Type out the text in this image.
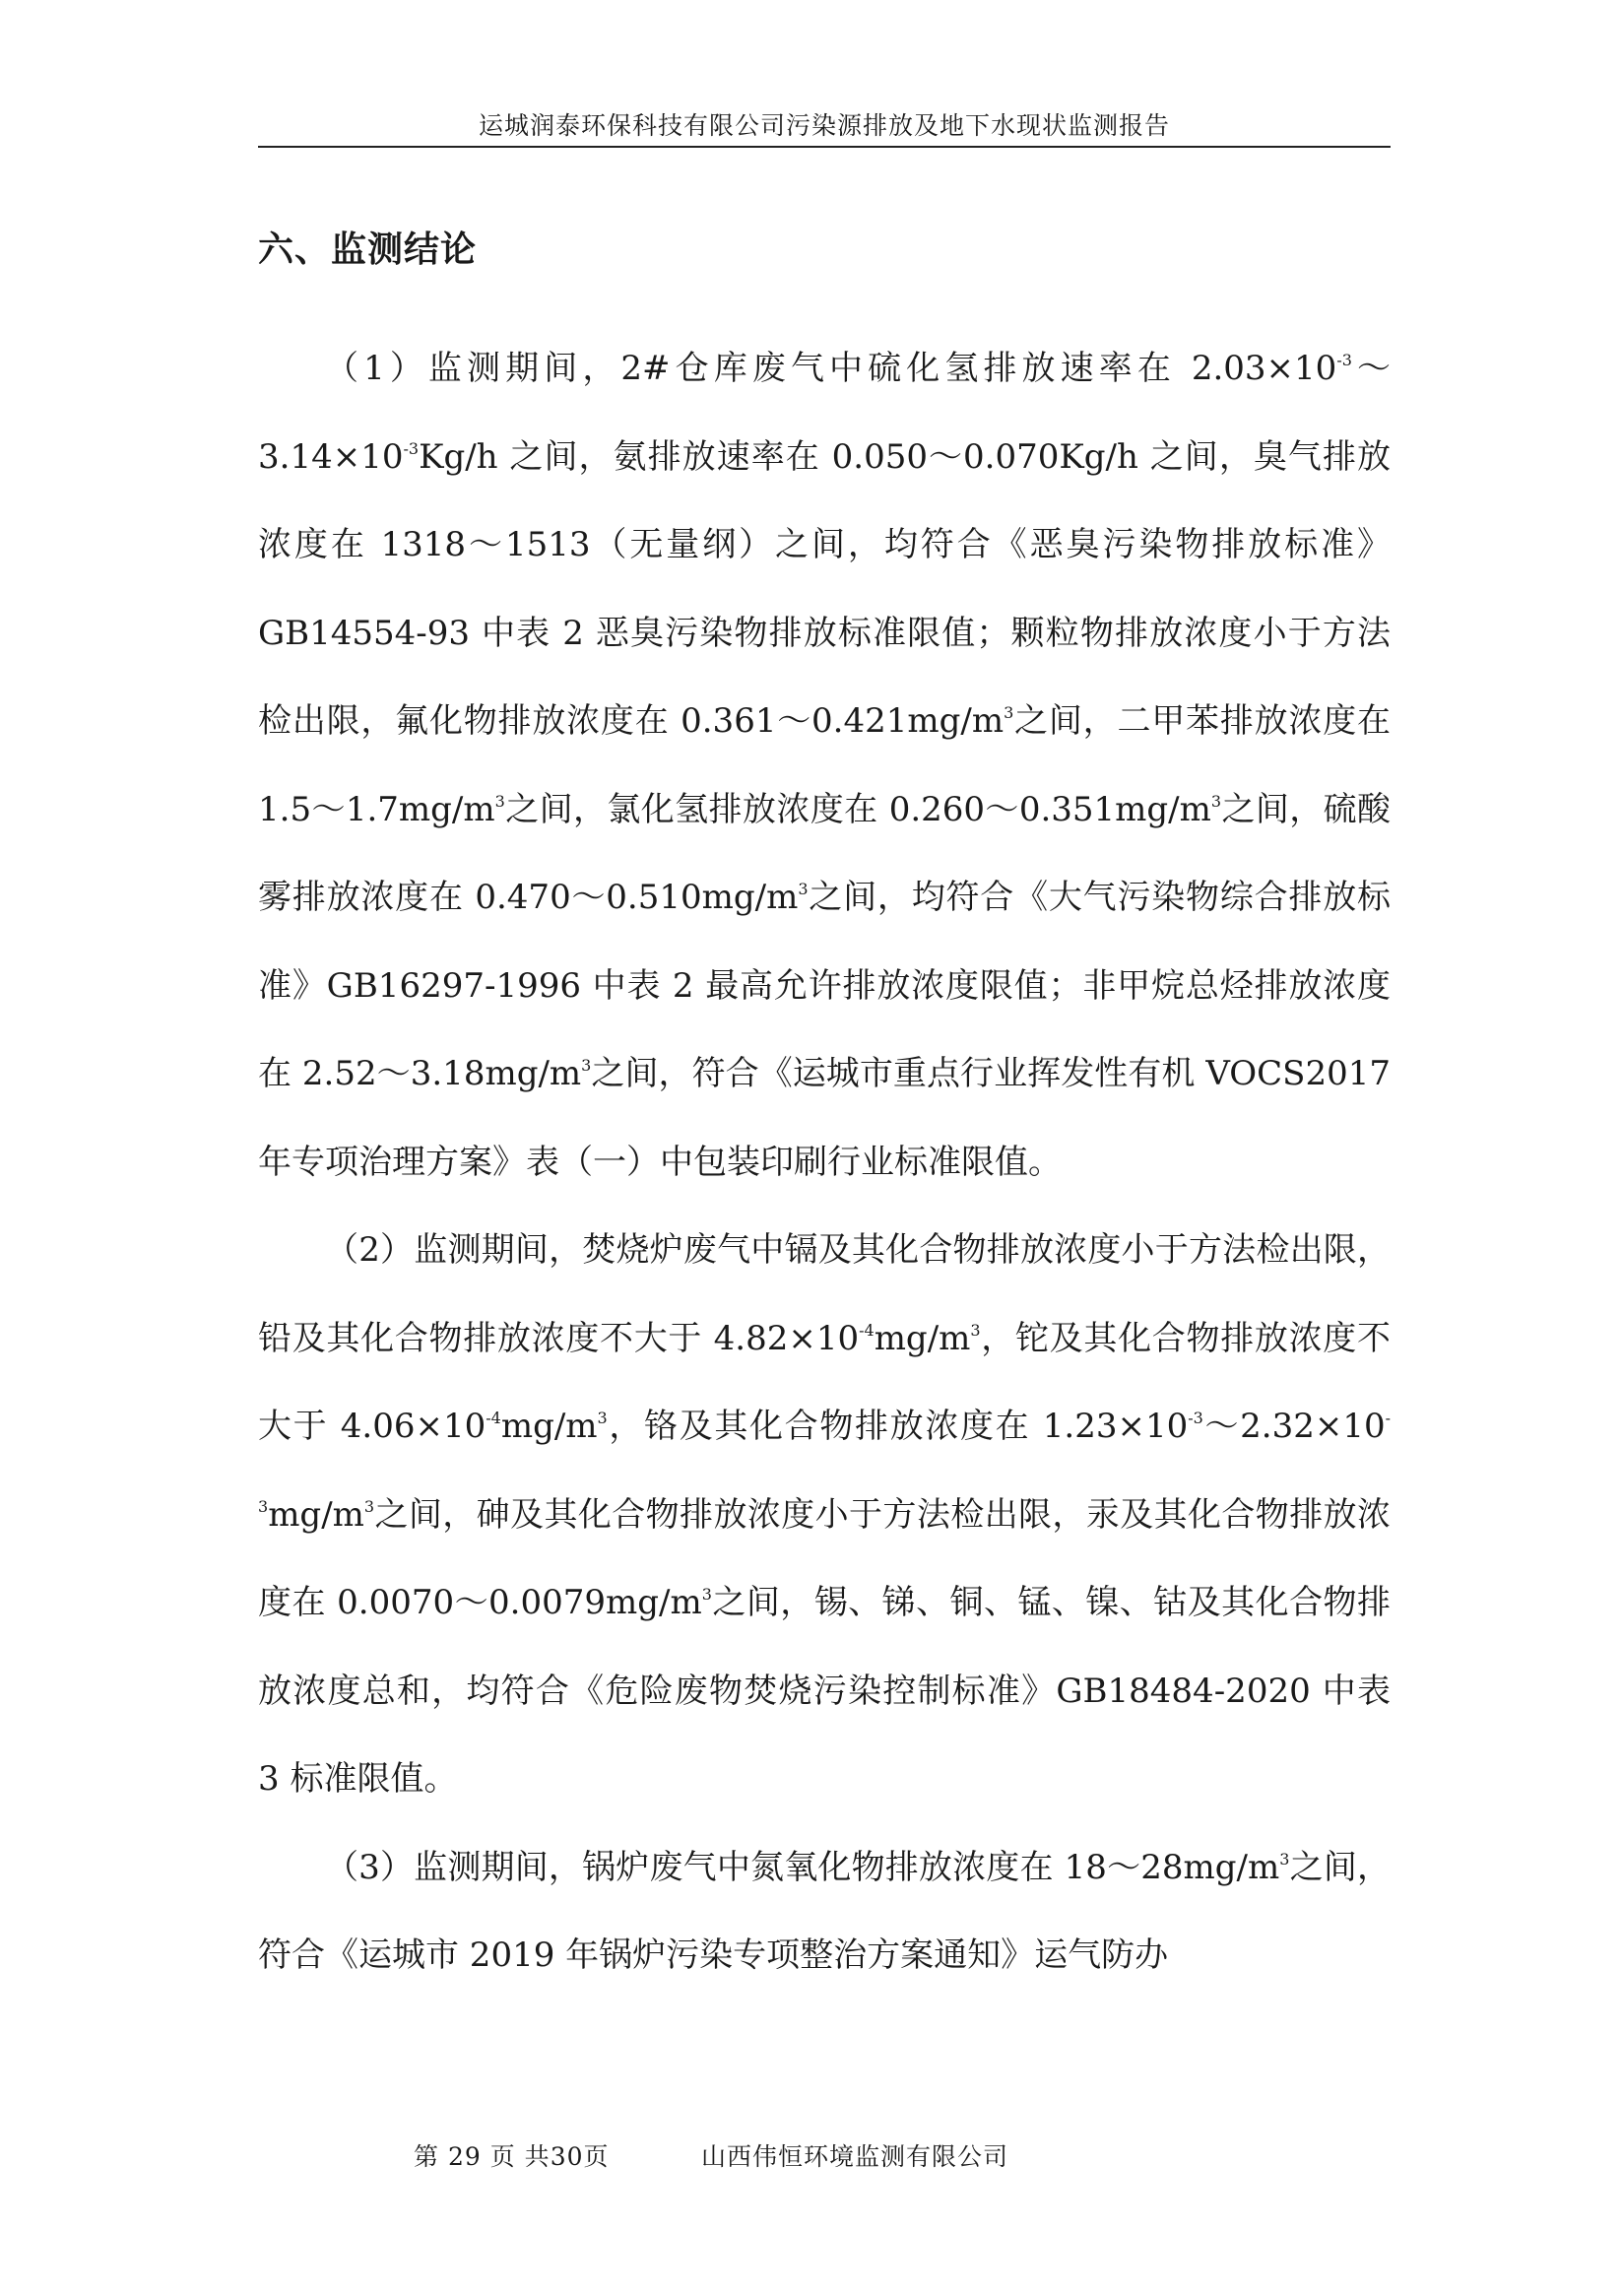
运城润泰环保科技有限公司污染源排放及地下水现状监测报告
六、监测结论

（1）监测期间，2#仓库废气中硫化氢排放速率在 $2.03\times 10^{-3}\sim 3.14\times 10^{-3}Kg/h$ 之间，氨排放速率在 0.050～0.070Kg/h 之间，臭气排放浓度在 1318～1513（无量纲）之间，均符合《恶臭污染物排放标准》GB14554-93 中表 2 恶臭污染物排放标准限值；颗粒物排放浓度小于方法检出限，氟化物排放浓度在 $0.361\sim 0.421mg/m^3$之间，二甲苯排放浓度在 $1.5\sim 1.7mg/m^3$之间，氯化氢排放浓度在 $0.260\sim 0.351mg/m^3$之间，硫酸雾排放浓度在 $0.470\sim 0.510mg/m^3$之间，均符合《大气污染物综合排放标准》GB16297-1996 中表 2 最高允许排放浓度限值；非甲烷总烃排放浓度在 $2.52\sim 3.18mg/m^3$之间，符合《运城市重点行业挥发性有机 VOCS2017 年专项治理方案》表（一）中包装印刷行业标准限值。

（2）监测期间，焚烧炉废气中镉及其化合物排放浓度小于方法检出限，铅及其化合物排放浓度不大于 $4.82\times 10^{-4}mg/m^3$，铊及其化合物排放浓度不大于 $4.06\times 10^{-4}mg/m^3$，铬及其化合物排放浓度在 $1.23\times 10^{-3}\sim 2.32\times 10^{-3}mg/m^3$之间，砷及其化合物排放浓度小于方法检出限，汞及其化合物排放浓度在 $0.0070\sim 0.0079mg/m^3$之间，锡、锑、铜、锰、镍、钴及其化合物排放浓度总和，均符合《危险废物焚烧污染控制标准》GB18484-2020 中表 3 标准限值。

（3）监测期间，锅炉废气中氮氧化物排放浓度在 $18\sim 28mg/m^3$之间，符合《运城市 2019 年锅炉污染专项整治方案通知》运气防办

第 29 页 共30页	山西伟恒环境监测有限公司
